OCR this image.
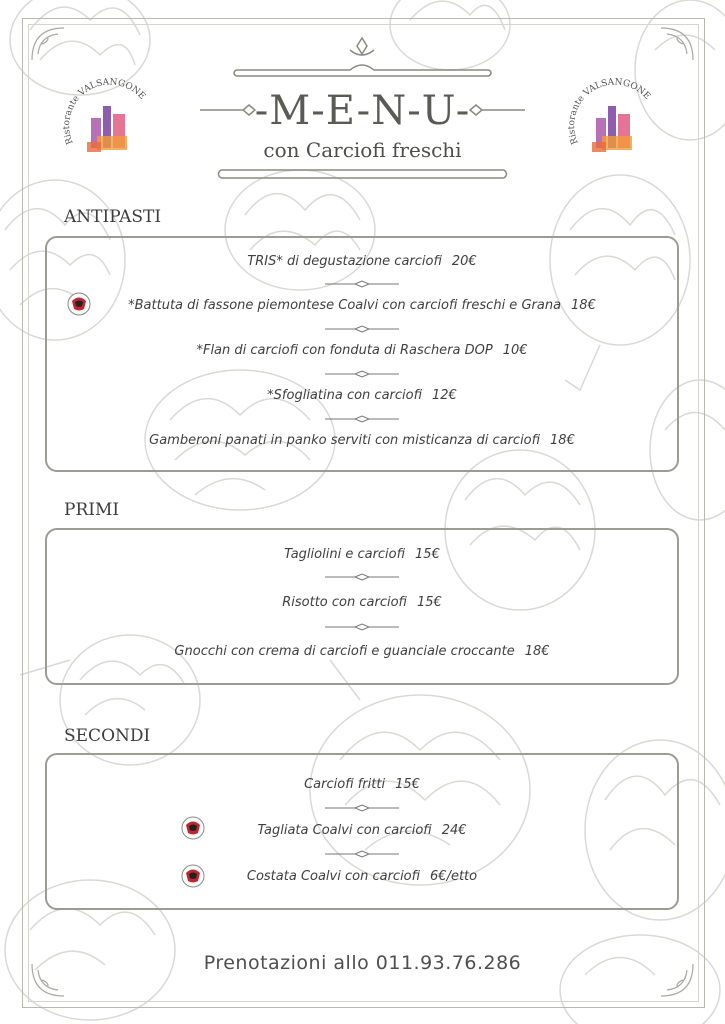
-M-E-N-U-
con Carciofi freschi
Ristorante VALSANGONE
Ristorante VALSANGONE
ANTIPASTI
TRIS* di degustazione carciofi 20€
*Battuta di fassone piemontese Coalvi con carciofi freschi e Grana 18€
*Flan di carciofi con fonduta di Raschera DOP 10€
*Sfogliatina con carciofi 12€
Gamberoni panati in panko serviti con misticanza di carciofi 18€
PRIMI
Tagliolini e carciofi 15€
Risotto con carciofi 15€
Gnocchi con crema di carciofi e guanciale croccante 18€
SECONDI
Carciofi fritti 15€
Tagliata Coalvi con carciofi 24€
Costata Coalvi con carciofi 6€/etto
Prenotazioni allo 011.93.76.286
